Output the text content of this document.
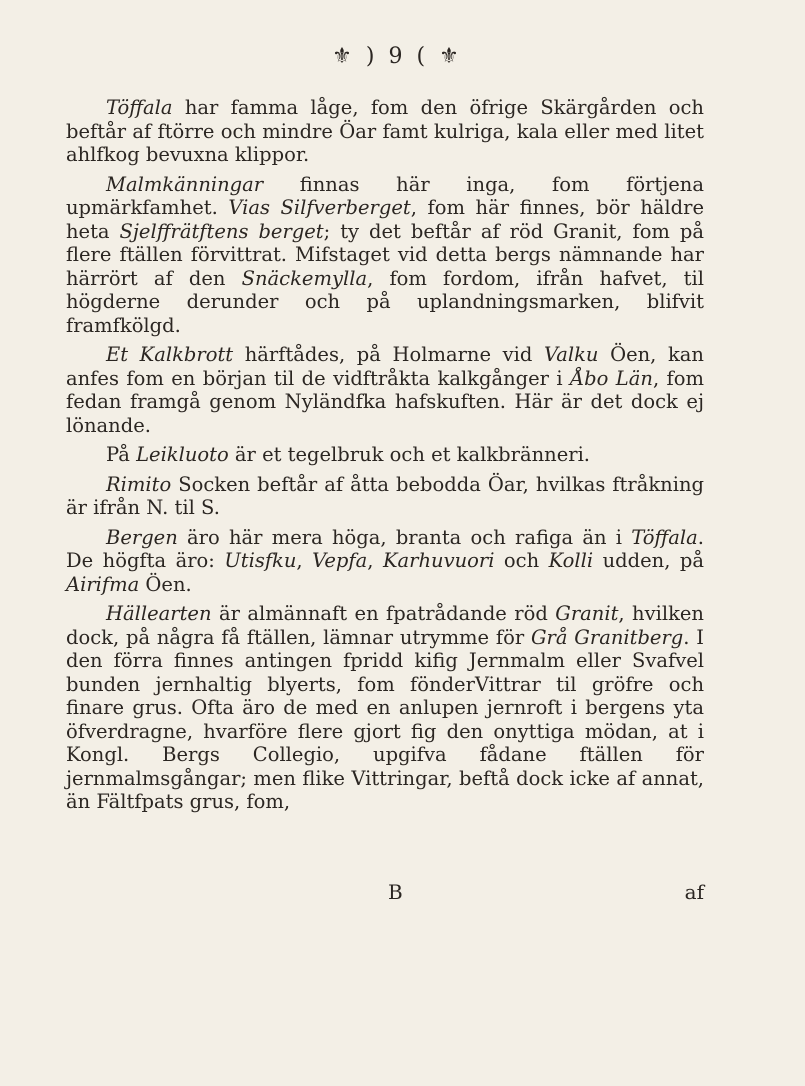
⚜)9(⚜

Töffala har famma låge, fom den öfrige Skärgården och beftår af ftörre och mindre Öar famt kulriga, kala eller med litet ahlfkog bevuxna klippor.

Malmkänningar finnas här inga, fom förtjena upmärkfamhet. Vias Silfverberget, fom här finnes, bör häldre heta Sjelffrätftens berget; ty det beftår af röd Granit, fom på flere ftällen förvittrat. Mifstaget vid detta bergs nämnande har härrört af den Snäckemylla, fom fordom, ifrån hafvet, til högderne derunder och på uplandningsmarken, blifvit framfkölgd.

Et Kalkbrott härftådes, på Holmarne vid Valku Öen, kan anfes fom en början til de vidftråkta kalkgånger i Åbo Län, fom fedan framgå genom Nyländfka hafskuften. Här är det dock ej lönande.

På Leikluoto är et tegelbruk och et kalkbränneri.

Rimito Socken beftår af åtta bebodda Öar, hvilkas ftråkning är ifrån N. til S.

Bergen äro här mera höga, branta och rafiga än i Töffala. De högfta äro: Utisfku, Vepfa, Karhuvuori och Kolli udden, på Airifma Öen.

Hällearten är almännaft en fpatrådande röd Granit, hvilken dock, på några få ftällen, lämnar utrymme för Grå Granitberg. I den förra finnes antingen fpridd kifig Jernmalm eller Svafvel bunden jernhaltig blyerts, fom fönderVittrar til gröfre och finare grus. Ofta äro de med en anlupen jernroft i bergens yta öfverdragne, hvarföre flere gjort fig den onyttiga mödan, at i Kongl. Bergs Collegio, upgifva fådane ftällen för jernmalmsgångar; men flike Vittringar, beftå dock icke af annat, än Fältfpats grus, fom,

B	af
